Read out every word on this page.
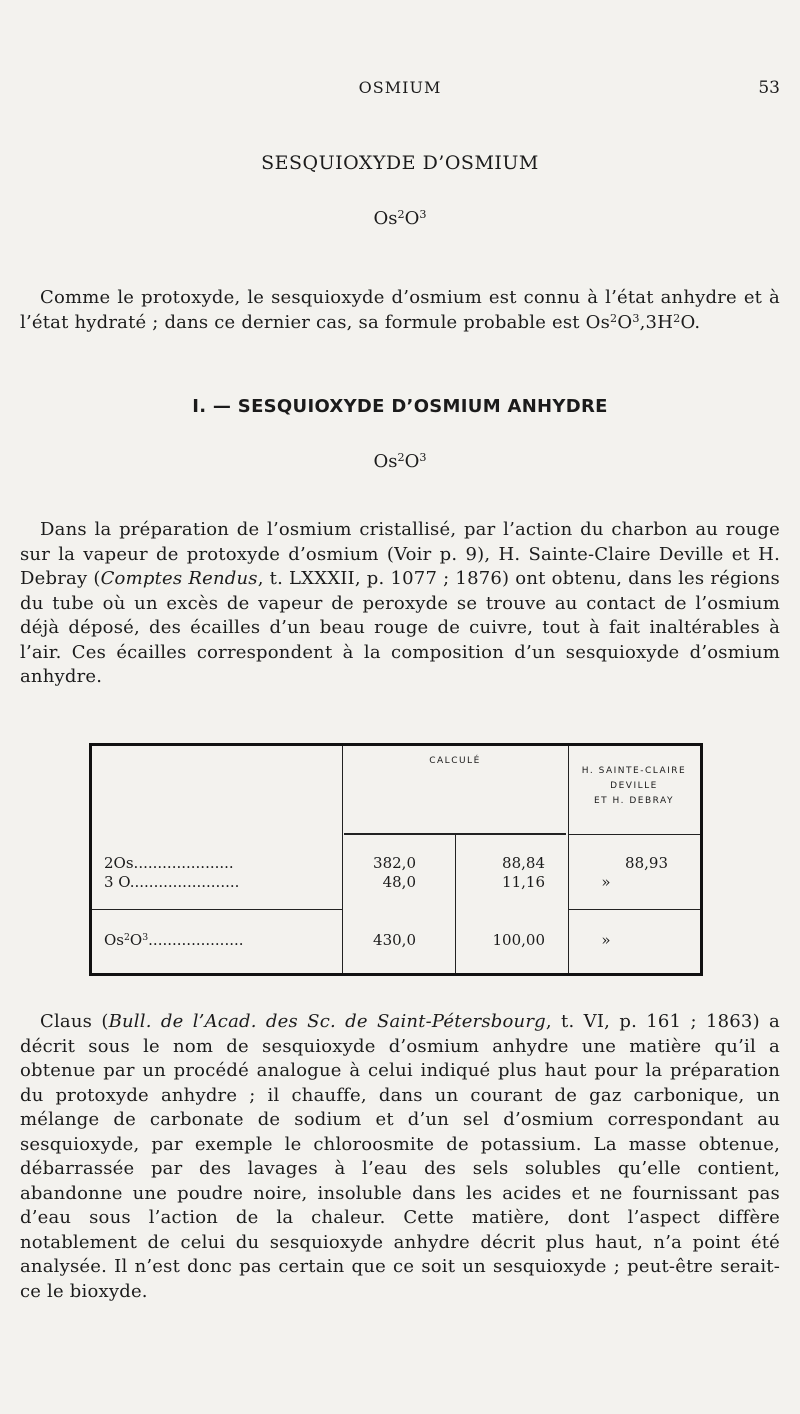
OSMIUM	53
SESQUIOXYDE D’OSMIUM
$Os^2O^3$
Comme le protoxyde, le sesquioxyde d’osmium est connu à l’état anhydre et à l’état hydraté ; dans ce dernier cas, sa formule probable est $Os^2O^3,3H^2O$.
I. — SESQUIOXYDE D’OSMIUM ANHYDRE
$Os^2O^3$
Dans la préparation de l’osmium cristallisé, par l’action du charbon au rouge sur la vapeur de protoxyde d’osmium (Voir p. 9), H. Sainte-Claire Deville et H. Debray (Comptes Rendus, t. LXXXII, p. 1077 ; 1876) ont obtenu, dans les régions du tube où un excès de vapeur de peroxyde se trouve au contact de l’osmium déjà déposé, des écailles d’un beau rouge de cuivre, tout à fait inaltérables à l’air. Ces écailles correspondent à la composition d’un sesquioxyde d’osmium anhydre.
CALCULÉ
H. SAINTE-CLAIRE
DEVILLE
ET H. DEBRAY
2Os.....................	382,0	88,84	88,93
3 O.......................	48,0	11,16	»
$Os^2O^3$....................	430,0	100,00	»
Claus (Bull. de l’Acad. des Sc. de Saint-Pétersbourg, t. VI, p. 161 ; 1863) a décrit sous le nom de sesquioxyde d’osmium anhydre une matière qu’il a obtenue par un procédé analogue à celui indiqué plus haut pour la préparation du protoxyde anhydre ; il chauffe, dans un courant de gaz carbonique, un mélange de carbonate de sodium et d’un sel d’osmium correspondant au sesquioxyde, par exemple le chloroosmite de potassium. La masse obtenue, débarrassée par des lavages à l’eau des sels solubles qu’elle contient, abandonne une poudre noire, insoluble dans les acides et ne fournissant pas d’eau sous l’action de la chaleur. Cette matière, dont l’aspect diffère notablement de celui du sesquioxyde anhydre décrit plus haut, n’a point été analysée. Il n’est donc pas certain que ce soit un sesquioxyde ; peut-être serait-ce le bioxyde.
